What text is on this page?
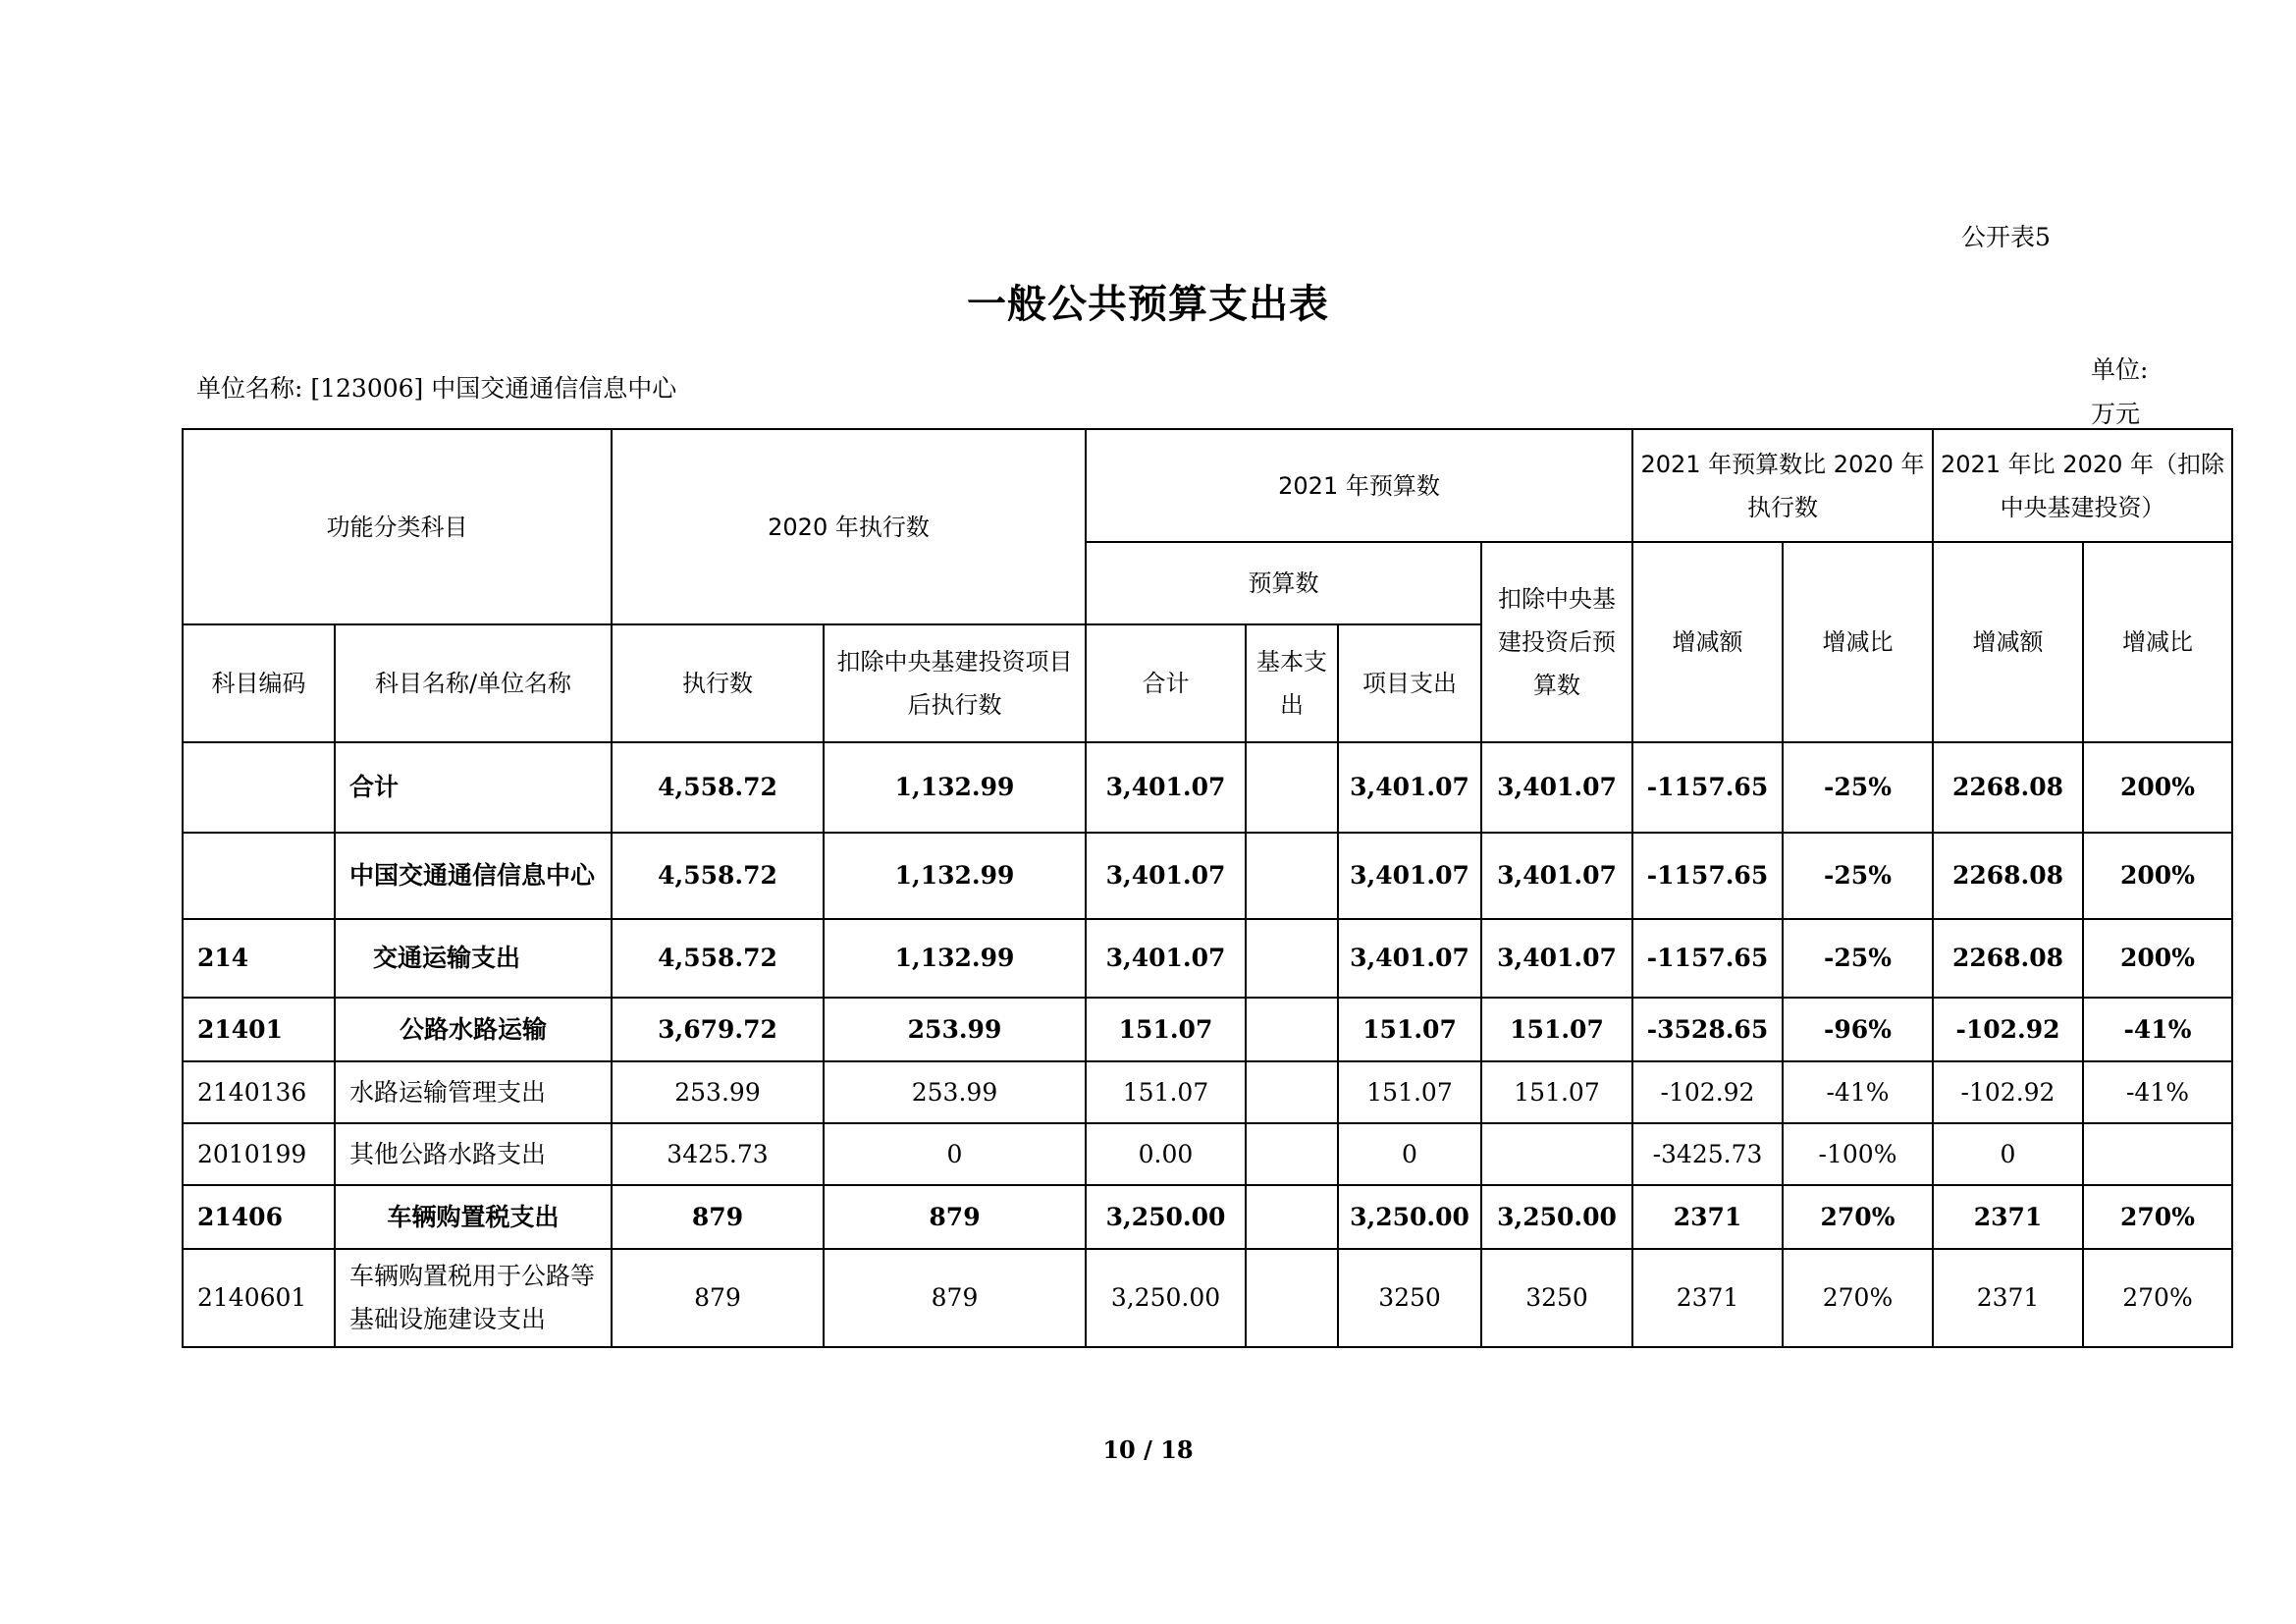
公开表5
一般公共预算支出表
单位名称: [123006] 中国交通通信信息中心
单位: 万元
功能分类科目		2020 年执行数		2021 年预算数				2021 年预算数比 2020 年执行数		2021 年比 2020 年（扣除中央基建投资）	
				预算数			扣除中央基建投资后预算数	增减额	增减比	增减额	增减比
科目编码	科目名称/单位名称	执行数	扣除中央基建投资项目后执行数	合计	基本支出	项目支出					
	合计	4,558.72	1,132.99	3,401.07		3,401.07	3,401.07	-1157.65	-25%	2268.08	200%
	中国交通通信信息中心	4,558.72	1,132.99	3,401.07		3,401.07	3,401.07	-1157.65	-25%	2268.08	200%
214	交通运输支出	4,558.72	1,132.99	3,401.07		3,401.07	3,401.07	-1157.65	-25%	2268.08	200%
21401	公路水路运输	3,679.72	253.99	151.07		151.07	151.07	-3528.65	-96%	-102.92	-41%
2140136	水路运输管理支出	253.99	253.99	151.07		151.07	151.07	-102.92	-41%	-102.92	-41%
2010199	其他公路水路支出	3425.73	0	0.00		0		-3425.73	-100%	0	
21406	车辆购置税支出	879	879	3,250.00		3,250.00	3,250.00	2371	270%	2371	270%
2140601	车辆购置税用于公路等基础设施建设支出	879	879	3,250.00		3250	3250	2371	270%	2371	270%
10 / 18
